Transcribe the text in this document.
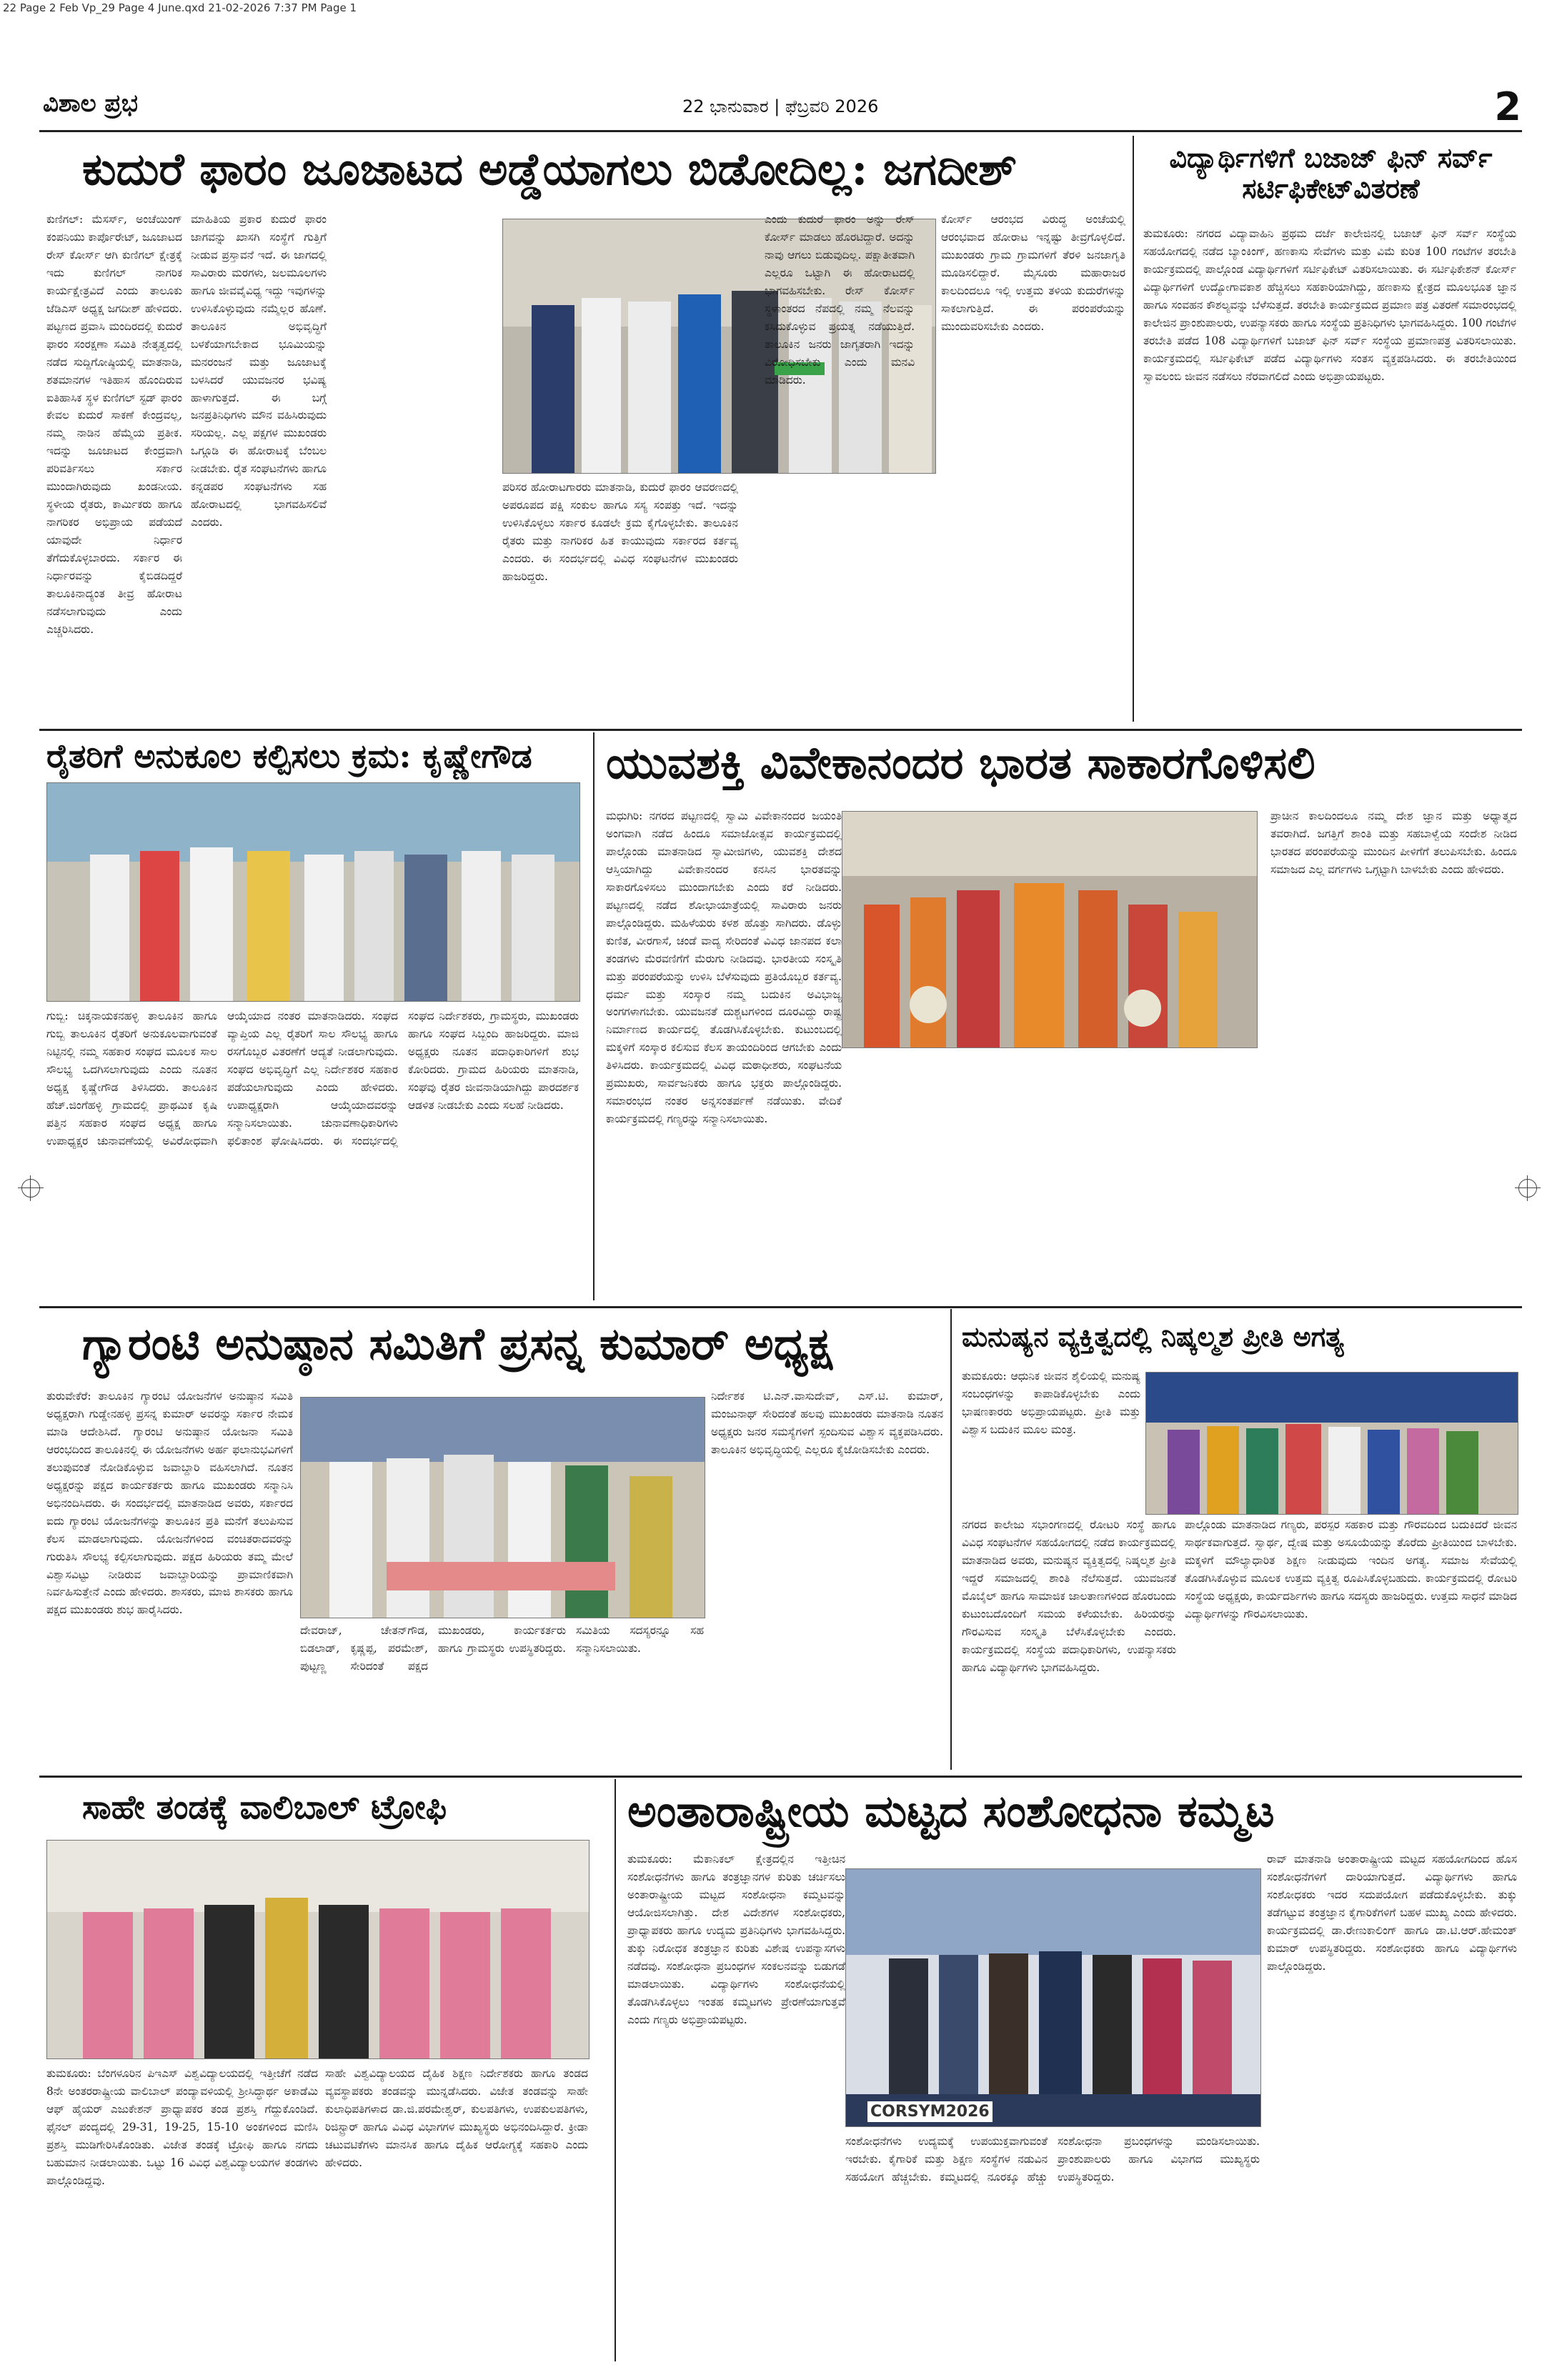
22 Page 2 Feb Vp_29 Page 4 June.qxd 21-02-2026 7:37 PM Page 1
ವಿಶಾಲ ಪ್ರಭ	22 ಭಾನುವಾರ | ಫೆಬ್ರವರಿ 2026	2
ಕುದುರೆ ಫಾರಂ ಜೂಜಾಟದ ಅಡ್ಡೆಯಾಗಲು ಬಿಡೋದಿಲ್ಲ: ಜಗದೀಶ್
ಕುಣಿಗಲ್: ಮೆಸರ್ಸ್, ಅಂಚೆಯಿಂಗ್ ಕಂಪನಿಯು ಕಾರ್ಪೊರೇಟ್‌, ಜೂಜಾಟದ ರೇಸ್ ಕೋರ್ಸ್ ಆಗಿ ಕುಣಿಗಲ್ ಕ್ಷೇತ್ರಕ್ಕೆ ಇದು ಕುಣಿಗಲ್ ನಾಗರಿಕ ಕಾರ್ಯಕ್ಷೇತ್ರವಿದೆ ಎಂದು ತಾಲೂಕು ಜೆಡಿಎಸ್ ಅಧ್ಯಕ್ಷ ಜಗದೀಶ್ ಹೇಳಿದರು. ಪಟ್ಟಣದ ಪ್ರವಾಸಿ ಮಂದಿರದಲ್ಲಿ ಕುದುರೆ ಫಾರಂ ಸಂರಕ್ಷಣಾ ಸಮಿತಿ ನೇತೃತ್ವದಲ್ಲಿ ನಡೆದ ಸುದ್ದಿಗೋಷ್ಠಿಯಲ್ಲಿ ಮಾತನಾಡಿ, ಶತಮಾನಗಳ ಇತಿಹಾಸ ಹೊಂದಿರುವ ಐತಿಹಾಸಿಕ ಸ್ಥಳ ಕುಣಿಗಲ್ ಸ್ಟಡ್ ಫಾರಂ ಕೇವಲ ಕುದುರೆ ಸಾಕಣೆ ಕೇಂದ್ರವಲ್ಲ, ನಮ್ಮ ನಾಡಿನ ಹೆಮ್ಮೆಯ ಪ್ರತೀಕ. ಇದನ್ನು ಜೂಜಾಟದ ಕೇಂದ್ರವಾಗಿ ಪರಿವರ್ತಿಸಲು ಸರ್ಕಾರ ಮುಂದಾಗಿರುವುದು ಖಂಡನೀಯ. ಸ್ಥಳೀಯ ರೈತರು, ಕಾರ್ಮಿಕರು ಹಾಗೂ ನಾಗರಿಕರ ಅಭಿಪ್ರಾಯ ಪಡೆಯದೆ ಯಾವುದೇ ನಿರ್ಧಾರ ತೆಗೆದುಕೊಳ್ಳಬಾರದು. ಸರ್ಕಾರ ಈ ನಿರ್ಧಾರವನ್ನು ಕೈಬಿಡದಿದ್ದರೆ ತಾಲೂಕಿನಾದ್ಯಂತ ತೀವ್ರ ಹೋರಾಟ ನಡೆಸಲಾಗುವುದು ಎಂದು ಎಚ್ಚರಿಸಿದರು.
ಮಾಹಿತಿಯ ಪ್ರಕಾರ ಕುದುರೆ ಫಾರಂ ಜಾಗವನ್ನು ಖಾಸಗಿ ಸಂಸ್ಥೆಗೆ ಗುತ್ತಿಗೆ ನೀಡುವ ಪ್ರಸ್ತಾವನೆ ಇದೆ. ಈ ಜಾಗದಲ್ಲಿ ಸಾವಿರಾರು ಮರಗಳು, ಜಲಮೂಲಗಳು ಹಾಗೂ ಜೀವವೈವಿಧ್ಯ ಇದ್ದು ಇವುಗಳನ್ನು ಉಳಿಸಿಕೊಳ್ಳುವುದು ನಮ್ಮೆಲ್ಲರ ಹೊಣೆ. ತಾಲೂಕಿನ ಅಭಿವೃದ್ಧಿಗೆ ಬಳಕೆಯಾಗಬೇಕಾದ ಭೂಮಿಯನ್ನು ಮನರಂಜನೆ ಮತ್ತು ಜೂಜಾಟಕ್ಕೆ ಬಳಸಿದರೆ ಯುವಜನರ ಭವಿಷ್ಯ ಹಾಳಾಗುತ್ತದೆ. ಈ ಬಗ್ಗೆ ಜನಪ್ರತಿನಿಧಿಗಳು ಮೌನ ವಹಿಸಿರುವುದು ಸರಿಯಲ್ಲ. ಎಲ್ಲ ಪಕ್ಷಗಳ ಮುಖಂಡರು ಒಗ್ಗೂಡಿ ಈ ಹೋರಾಟಕ್ಕೆ ಬೆಂಬಲ ನೀಡಬೇಕು. ರೈತ ಸಂಘಟನೆಗಳು ಹಾಗೂ ಕನ್ನಡಪರ ಸಂಘಟನೆಗಳು ಸಹ ಹೋರಾಟದಲ್ಲಿ ಭಾಗವಹಿಸಲಿವೆ ಎಂದರು.
ಎಂದು ಕುದುರೆ ಫಾರಂ ಅನ್ನು ರೇಸ್ ಕೋರ್ಸ್ ಮಾಡಲು ಹೊರಟಿದ್ದಾರೆ. ಅದನ್ನು ನಾವು ಆಗಲು ಬಿಡುವುದಿಲ್ಲ. ಪಕ್ಷಾತೀತವಾಗಿ ಎಲ್ಲರೂ ಒಟ್ಟಾಗಿ ಈ ಹೋರಾಟದಲ್ಲಿ ಭಾಗವಹಿಸಬೇಕು. ರೇಸ್ ಕೋರ್ಸ್ ಸ್ಥಳಾಂತರದ ನೆಪದಲ್ಲಿ ನಮ್ಮ ನೆಲವನ್ನು ಕಸಿದುಕೊಳ್ಳುವ ಪ್ರಯತ್ನ ನಡೆಯುತ್ತಿದೆ. ತಾಲೂಕಿನ ಜನರು ಜಾಗೃತರಾಗಿ ಇದನ್ನು ವಿರೋಧಿಸಬೇಕು ಎಂದು ಮನವಿ ಮಾಡಿದರು.
ಪರಿಸರ ಹೋರಾಟಗಾರರು ಮಾತನಾಡಿ, ಕುದುರೆ ಫಾರಂ ಆವರಣದಲ್ಲಿ ಅಪರೂಪದ ಪಕ್ಷಿ ಸಂಕುಲ ಹಾಗೂ ಸಸ್ಯ ಸಂಪತ್ತು ಇದೆ. ಇದನ್ನು ಉಳಿಸಿಕೊಳ್ಳಲು ಸರ್ಕಾರ ಕೂಡಲೇ ಕ್ರಮ ಕೈಗೊಳ್ಳಬೇಕು. ತಾಲೂಕಿನ ರೈತರು ಮತ್ತು ನಾಗರಿಕರ ಹಿತ ಕಾಯುವುದು ಸರ್ಕಾರದ ಕರ್ತವ್ಯ ಎಂದರು. ಈ ಸಂದರ್ಭದಲ್ಲಿ ವಿವಿಧ ಸಂಘಟನೆಗಳ ಮುಖಂಡರು ಹಾಜರಿದ್ದರು.
ಕೋರ್ಸ್ ಆರಂಭದ ವಿರುದ್ಧ ಅಂಚೆಯಲ್ಲಿ ಆರಂಭವಾದ ಹೋರಾಟ ಇನ್ನಷ್ಟು ತೀವ್ರಗೊಳ್ಳಲಿದೆ. ಮುಖಂಡರು ಗ್ರಾಮ ಗ್ರಾಮಗಳಿಗೆ ತೆರಳಿ ಜನಜಾಗೃತಿ ಮೂಡಿಸಲಿದ್ದಾರೆ. ಮೈಸೂರು ಮಹಾರಾಜರ ಕಾಲದಿಂದಲೂ ಇಲ್ಲಿ ಉತ್ತಮ ತಳಿಯ ಕುದುರೆಗಳನ್ನು ಸಾಕಲಾಗುತ್ತಿದೆ. ಈ ಪರಂಪರೆಯನ್ನು ಮುಂದುವರಿಸಬೇಕು ಎಂದರು.
ವಿದ್ಯಾರ್ಥಿಗಳಿಗೆ ಬಜಾಜ್ ಫಿನ್ ಸರ್ವ್ ಸರ್ಟಿಫಿಕೇಟ್‌ವಿತರಣೆ
ತುಮಕೂರು: ನಗರದ ವಿದ್ಯಾವಾಹಿನಿ ಪ್ರಥಮ ದರ್ಜೆ ಕಾಲೇಜಿನಲ್ಲಿ ಬಜಾಜ್ ಫಿನ್ ಸರ್ವ್ ಸಂಸ್ಥೆಯ ಸಹಯೋಗದಲ್ಲಿ ನಡೆದ ಬ್ಯಾಂಕಿಂಗ್, ಹಣಕಾಸು ಸೇವೆಗಳು ಮತ್ತು ವಿಮೆ ಕುರಿತ 100 ಗಂಟೆಗಳ ತರಬೇತಿ ಕಾರ್ಯಕ್ರಮದಲ್ಲಿ ಪಾಲ್ಗೊಂಡ ವಿದ್ಯಾರ್ಥಿಗಳಿಗೆ ಸರ್ಟಿಫಿಕೇಟ್ ವಿತರಿಸಲಾಯಿತು. ಈ ಸರ್ಟಿಫಿಕೇಶನ್ ಕೋರ್ಸ್ ವಿದ್ಯಾರ್ಥಿಗಳಿಗೆ ಉದ್ಯೋಗಾವಕಾಶ ಹೆಚ್ಚಿಸಲು ಸಹಕಾರಿಯಾಗಿದ್ದು, ಹಣಕಾಸು ಕ್ಷೇತ್ರದ ಮೂಲಭೂತ ಜ್ಞಾನ ಹಾಗೂ ಸಂವಹನ ಕೌಶಲ್ಯವನ್ನು ಬೆಳೆಸುತ್ತದೆ. ತರಬೇತಿ ಕಾರ್ಯಕ್ರಮದ ಪ್ರಮಾಣ ಪತ್ರ ವಿತರಣೆ ಸಮಾರಂಭದಲ್ಲಿ ಕಾಲೇಜಿನ ಪ್ರಾಂಶುಪಾಲರು, ಉಪನ್ಯಾಸಕರು ಹಾಗೂ ಸಂಸ್ಥೆಯ ಪ್ರತಿನಿಧಿಗಳು ಭಾಗವಹಿಸಿದ್ದರು. 100 ಗಂಟೆಗಳ ತರಬೇತಿ ಪಡೆದ 108 ವಿದ್ಯಾರ್ಥಿಗಳಿಗೆ ಬಜಾಜ್ ಫಿನ್ ಸರ್ವ್ ಸಂಸ್ಥೆಯ ಪ್ರಮಾಣಪತ್ರ ವಿತರಿಸಲಾಯಿತು. ಕಾರ್ಯಕ್ರಮದಲ್ಲಿ ಸರ್ಟಿಫಿಕೇಟ್ ಪಡೆದ ವಿದ್ಯಾರ್ಥಿಗಳು ಸಂತಸ ವ್ಯಕ್ತಪಡಿಸಿದರು. ಈ ತರಬೇತಿಯಿಂದ ಸ್ವಾವಲಂಬಿ ಜೀವನ ನಡೆಸಲು ನೆರವಾಗಲಿದೆ ಎಂದು ಅಭಿಪ್ರಾಯಪಟ್ಟರು.
ರೈತರಿಗೆ ಅನುಕೂಲ ಕಲ್ಪಿಸಲು ಕ್ರಮ: ಕೃಷ್ಣೇಗೌಡ
ಗುಬ್ಬಿ: ಚಿಕ್ಕನಾಯಕನಹಳ್ಳಿ ತಾಲೂಕಿನ ಹಾಗೂ ಗುಬ್ಬಿ ತಾಲೂಕಿನ ರೈತರಿಗೆ ಅನುಕೂಲವಾಗುವಂತೆ ನಿಟ್ಟಿನಲ್ಲಿ ನಮ್ಮ ಸಹಕಾರ ಸಂಘದ ಮೂಲಕ ಸಾಲ ಸೌಲಭ್ಯ ಒದಗಿಸಲಾಗುವುದು ಎಂದು ನೂತನ ಅಧ್ಯಕ್ಷ ಕೃಷ್ಣೇಗೌಡ ತಿಳಿಸಿದರು. ತಾಲೂಕಿನ ಹೆಚ್.ಜಿಂಗೆಹಳ್ಳಿ ಗ್ರಾಮದಲ್ಲಿ ಪ್ರಾಥಮಿಕ ಕೃಷಿ ಪತ್ತಿನ ಸಹಕಾರ ಸಂಘದ ಅಧ್ಯಕ್ಷ ಹಾಗೂ ಉಪಾಧ್ಯಕ್ಷರ ಚುನಾವಣೆಯಲ್ಲಿ ಅವಿರೋಧವಾಗಿ ಆಯ್ಕೆಯಾದ ನಂತರ ಮಾತನಾಡಿದರು. ಸಂಘದ ವ್ಯಾಪ್ತಿಯ ಎಲ್ಲ ರೈತರಿಗೆ ಸಾಲ ಸೌಲಭ್ಯ ಹಾಗೂ ರಸಗೊಬ್ಬರ ವಿತರಣೆಗೆ ಆದ್ಯತೆ ನೀಡಲಾಗುವುದು. ಸಂಘದ ಅಭಿವೃದ್ಧಿಗೆ ಎಲ್ಲ ನಿರ್ದೇಶಕರ ಸಹಕಾರ ಪಡೆಯಲಾಗುವುದು ಎಂದು ಹೇಳಿದರು. ಉಪಾಧ್ಯಕ್ಷರಾಗಿ ಆಯ್ಕೆಯಾದವರನ್ನು ಸನ್ಮಾನಿಸಲಾಯಿತು. ಚುನಾವಣಾಧಿಕಾರಿಗಳು ಫಲಿತಾಂಶ ಘೋಷಿಸಿದರು. ಈ ಸಂದರ್ಭದಲ್ಲಿ ಸಂಘದ ನಿರ್ದೇಶಕರು, ಗ್ರಾಮಸ್ಥರು, ಮುಖಂಡರು ಹಾಗೂ ಸಂಘದ ಸಿಬ್ಬಂದಿ ಹಾಜರಿದ್ದರು. ಮಾಜಿ ಅಧ್ಯಕ್ಷರು ನೂತನ ಪದಾಧಿಕಾರಿಗಳಿಗೆ ಶುಭ ಕೋರಿದರು. ಗ್ರಾಮದ ಹಿರಿಯರು ಮಾತನಾಡಿ, ಸಂಘವು ರೈತರ ಜೀವನಾಡಿಯಾಗಿದ್ದು ಪಾರದರ್ಶಕ ಆಡಳಿತ ನೀಡಬೇಕು ಎಂದು ಸಲಹೆ ನೀಡಿದರು.
ಯುವಶಕ್ತಿ ವಿವೇಕಾನಂದರ ಭಾರತ ಸಾಕಾರಗೊಳಿಸಲಿ
ಮಧುಗಿರಿ: ನಗರದ ಪಟ್ಟಣದಲ್ಲಿ ಸ್ವಾಮಿ ವಿವೇಕಾನಂದರ ಜಯಂತಿ ಅಂಗವಾಗಿ ನಡೆದ ಹಿಂದೂ ಸಮಾಜೋತ್ಸವ ಕಾರ್ಯಕ್ರಮದಲ್ಲಿ ಪಾಲ್ಗೊಂಡು ಮಾತನಾಡಿದ ಸ್ವಾಮೀಜಿಗಳು, ಯುವಶಕ್ತಿ ದೇಶದ ಆಸ್ತಿಯಾಗಿದ್ದು ವಿವೇಕಾನಂದರ ಕನಸಿನ ಭಾರತವನ್ನು ಸಾಕಾರಗೊಳಿಸಲು ಮುಂದಾಗಬೇಕು ಎಂದು ಕರೆ ನೀಡಿದರು. ಪಟ್ಟಣದಲ್ಲಿ ನಡೆದ ಶೋಭಾಯಾತ್ರೆಯಲ್ಲಿ ಸಾವಿರಾರು ಜನರು ಪಾಲ್ಗೊಂಡಿದ್ದರು. ಮಹಿಳೆಯರು ಕಳಶ ಹೊತ್ತು ಸಾಗಿದರು. ಡೊಳ್ಳು ಕುಣಿತ, ವೀರಗಾಸೆ, ಚಂಡೆ ವಾದ್ಯ ಸೇರಿದಂತೆ ವಿವಿಧ ಜಾನಪದ ಕಲಾ ತಂಡಗಳು ಮೆರವಣಿಗೆಗೆ ಮೆರುಗು ನೀಡಿದವು. ಭಾರತೀಯ ಸಂಸ್ಕೃತಿ ಮತ್ತು ಪರಂಪರೆಯನ್ನು ಉಳಿಸಿ ಬೆಳೆಸುವುದು ಪ್ರತಿಯೊಬ್ಬರ ಕರ್ತವ್ಯ. ಧರ್ಮ ಮತ್ತು ಸಂಸ್ಕಾರ ನಮ್ಮ ಬದುಕಿನ ಅವಿಭಾಜ್ಯ ಅಂಗಗಳಾಗಬೇಕು. ಯುವಜನತೆ ದುಶ್ಚಟಗಳಿಂದ ದೂರವಿದ್ದು ರಾಷ್ಟ್ರ ನಿರ್ಮಾಣದ ಕಾರ್ಯದಲ್ಲಿ ತೊಡಗಿಸಿಕೊಳ್ಳಬೇಕು. ಕುಟುಂಬದಲ್ಲಿ ಮಕ್ಕಳಿಗೆ ಸಂಸ್ಕಾರ ಕಲಿಸುವ ಕೆಲಸ ತಾಯಂದಿರಿಂದ ಆಗಬೇಕು ಎಂದು ತಿಳಿಸಿದರು. ಕಾರ್ಯಕ್ರಮದಲ್ಲಿ ವಿವಿಧ ಮಠಾಧೀಶರು, ಸಂಘಟನೆಯ ಪ್ರಮುಖರು, ಸಾರ್ವಜನಿಕರು ಹಾಗೂ ಭಕ್ತರು ಪಾಲ್ಗೊಂಡಿದ್ದರು. ಸಮಾರಂಭದ ನಂತರ ಅನ್ನಸಂತರ್ಪಣೆ ನಡೆಯಿತು. ವೇದಿಕೆ ಕಾರ್ಯಕ್ರಮದಲ್ಲಿ ಗಣ್ಯರನ್ನು ಸನ್ಮಾನಿಸಲಾಯಿತು.
ಪ್ರಾಚೀನ ಕಾಲದಿಂದಲೂ ನಮ್ಮ ದೇಶ ಜ್ಞಾನ ಮತ್ತು ಅಧ್ಯಾತ್ಮದ ತವರಾಗಿದೆ. ಜಗತ್ತಿಗೆ ಶಾಂತಿ ಮತ್ತು ಸಹಬಾಳ್ವೆಯ ಸಂದೇಶ ನೀಡಿದ ಭಾರತದ ಪರಂಪರೆಯನ್ನು ಮುಂದಿನ ಪೀಳಿಗೆಗೆ ತಲುಪಿಸಬೇಕು. ಹಿಂದೂ ಸಮಾಜದ ಎಲ್ಲ ವರ್ಗಗಳು ಒಗ್ಗಟ್ಟಾಗಿ ಬಾಳಬೇಕು ಎಂದು ಹೇಳಿದರು.
ಗ್ಯಾರಂಟಿ ಅನುಷ್ಠಾನ ಸಮಿತಿಗೆ ಪ್ರಸನ್ನ ಕುಮಾರ್ ಅಧ್ಯಕ್ಷ
ತುರುವೇಕೆರೆ: ತಾಲೂಕಿನ ಗ್ಯಾರಂಟಿ ಯೋಜನೆಗಳ ಅನುಷ್ಠಾನ ಸಮಿತಿ ಅಧ್ಯಕ್ಷರಾಗಿ ಗುಡ್ಡೇನಹಳ್ಳಿ ಪ್ರಸನ್ನ ಕುಮಾರ್ ಅವರನ್ನು ಸರ್ಕಾರ ನೇಮಕ ಮಾಡಿ ಆದೇಶಿಸಿದೆ. ಗ್ಯಾರಂಟಿ ಅನುಷ್ಠಾನ ಯೋಜನಾ ಸಮಿತಿ ಆರಂಭದಿಂದ ತಾಲೂಕಿನಲ್ಲಿ ಈ ಯೋಜನೆಗಳು ಅರ್ಹ ಫಲಾನುಭವಿಗಳಿಗೆ ತಲುಪುವಂತೆ ನೋಡಿಕೊಳ್ಳುವ ಜವಾಬ್ದಾರಿ ವಹಿಸಲಾಗಿದೆ. ನೂತನ ಅಧ್ಯಕ್ಷರನ್ನು ಪಕ್ಷದ ಕಾರ್ಯಕರ್ತರು ಹಾಗೂ ಮುಖಂಡರು ಸನ್ಮಾನಿಸಿ ಅಭಿನಂದಿಸಿದರು. ಈ ಸಂದರ್ಭದಲ್ಲಿ ಮಾತನಾಡಿದ ಅವರು, ಸರ್ಕಾರದ ಐದು ಗ್ಯಾರಂಟಿ ಯೋಜನೆಗಳನ್ನು ತಾಲೂಕಿನ ಪ್ರತಿ ಮನೆಗೆ ತಲುಪಿಸುವ ಕೆಲಸ ಮಾಡಲಾಗುವುದು. ಯೋಜನೆಗಳಿಂದ ವಂಚಿತರಾದವರನ್ನು ಗುರುತಿಸಿ ಸೌಲಭ್ಯ ಕಲ್ಪಿಸಲಾಗುವುದು. ಪಕ್ಷದ ಹಿರಿಯರು ತಮ್ಮ ಮೇಲೆ ವಿಶ್ವಾಸವಿಟ್ಟು ನೀಡಿರುವ ಜವಾಬ್ದಾರಿಯನ್ನು ಪ್ರಾಮಾಣಿಕವಾಗಿ ನಿರ್ವಹಿಸುತ್ತೇನೆ ಎಂದು ಹೇಳಿದರು. ಶಾಸಕರು, ಮಾಜಿ ಶಾಸಕರು ಹಾಗೂ ಪಕ್ಷದ ಮುಖಂಡರು ಶುಭ ಹಾರೈಸಿದರು.
ದೇವರಾಜ್, ಚೇತನ್‌ಗೌಡ, ಬಿಡಲಾಡ್, ಕೃಷ್ಣಪ್ಪ, ಪರಮೇಶ್, ಪುಟ್ಟಣ್ಣ ಸೇರಿದಂತೆ ಪಕ್ಷದ ಮುಖಂಡರು, ಕಾರ್ಯಕರ್ತರು ಹಾಗೂ ಗ್ರಾಮಸ್ಥರು ಉಪಸ್ಥಿತರಿದ್ದರು. ಸಮಿತಿಯ ಸದಸ್ಯರನ್ನೂ ಸಹ ಸನ್ಮಾನಿಸಲಾಯಿತು.
ನಿರ್ದೇಶಕ ಟಿ.ಎನ್.ವಾಸುದೇವ್, ಎಸ್.ಟಿ. ಕುಮಾರ್, ಮಂಜುನಾಥ್ ಸೇರಿದಂತೆ ಹಲವು ಮುಖಂಡರು ಮಾತನಾಡಿ ನೂತನ ಅಧ್ಯಕ್ಷರು ಜನರ ಸಮಸ್ಯೆಗಳಿಗೆ ಸ್ಪಂದಿಸುವ ವಿಶ್ವಾಸ ವ್ಯಕ್ತಪಡಿಸಿದರು. ತಾಲೂಕಿನ ಅಭಿವೃದ್ಧಿಯಲ್ಲಿ ಎಲ್ಲರೂ ಕೈಜೋಡಿಸಬೇಕು ಎಂದರು.
ಮನುಷ್ಯನ ವ್ಯಕ್ತಿತ್ವದಲ್ಲಿ ನಿಷ್ಕಲ್ಮಶ ಪ್ರೀತಿ ಅಗತ್ಯ
ತುಮಕೂರು: ಆಧುನಿಕ ಜೀವನ ಶೈಲಿಯಲ್ಲಿ ಮನುಷ್ಯ ಸಂಬಂಧಗಳನ್ನು ಕಾಪಾಡಿಕೊಳ್ಳಬೇಕು ಎಂದು ಭಾಷಣಕಾರರು ಅಭಿಪ್ರಾಯಪಟ್ಟರು. ಪ್ರೀತಿ ಮತ್ತು ವಿಶ್ವಾಸ ಬದುಕಿನ ಮೂಲ ಮಂತ್ರ.
ನಗರದ ಕಾಲೇಜು ಸಭಾಂಗಣದಲ್ಲಿ ರೋಟರಿ ಸಂಸ್ಥೆ ಹಾಗೂ ವಿವಿಧ ಸಂಘಟನೆಗಳ ಸಹಯೋಗದಲ್ಲಿ ನಡೆದ ಕಾರ್ಯಕ್ರಮದಲ್ಲಿ ಮಾತನಾಡಿದ ಅವರು, ಮನುಷ್ಯನ ವ್ಯಕ್ತಿತ್ವದಲ್ಲಿ ನಿಷ್ಕಲ್ಮಶ ಪ್ರೀತಿ ಇದ್ದರೆ ಸಮಾಜದಲ್ಲಿ ಶಾಂತಿ ನೆಲೆಸುತ್ತದೆ. ಯುವಜನತೆ ಮೊಬೈಲ್ ಹಾಗೂ ಸಾಮಾಜಿಕ ಜಾಲತಾಣಗಳಿಂದ ಹೊರಬಂದು ಕುಟುಂಬದೊಂದಿಗೆ ಸಮಯ ಕಳೆಯಬೇಕು. ಹಿರಿಯರನ್ನು ಗೌರವಿಸುವ ಸಂಸ್ಕೃತಿ ಬೆಳೆಸಿಕೊಳ್ಳಬೇಕು ಎಂದರು. ಕಾರ್ಯಕ್ರಮದಲ್ಲಿ ಸಂಸ್ಥೆಯ ಪದಾಧಿಕಾರಿಗಳು, ಉಪನ್ಯಾಸಕರು ಹಾಗೂ ವಿದ್ಯಾರ್ಥಿಗಳು ಭಾಗವಹಿಸಿದ್ದರು.
ಪಾಲ್ಗೊಂಡು ಮಾತನಾಡಿದ ಗಣ್ಯರು, ಪರಸ್ಪರ ಸಹಕಾರ ಮತ್ತು ಗೌರವದಿಂದ ಬದುಕಿದರೆ ಜೀವನ ಸಾರ್ಥಕವಾಗುತ್ತದೆ. ಸ್ವಾರ್ಥ, ದ್ವೇಷ ಮತ್ತು ಅಸೂಯೆಯನ್ನು ತೊರೆದು ಪ್ರೀತಿಯಿಂದ ಬಾಳಬೇಕು. ಮಕ್ಕಳಿಗೆ ಮೌಲ್ಯಾಧಾರಿತ ಶಿಕ್ಷಣ ನೀಡುವುದು ಇಂದಿನ ಅಗತ್ಯ. ಸಮಾಜ ಸೇವೆಯಲ್ಲಿ ತೊಡಗಿಸಿಕೊಳ್ಳುವ ಮೂಲಕ ಉತ್ತಮ ವ್ಯಕ್ತಿತ್ವ ರೂಪಿಸಿಕೊಳ್ಳಬಹುದು. ಕಾರ್ಯಕ್ರಮದಲ್ಲಿ ರೋಟರಿ ಸಂಸ್ಥೆಯ ಅಧ್ಯಕ್ಷರು, ಕಾರ್ಯದರ್ಶಿಗಳು ಹಾಗೂ ಸದಸ್ಯರು ಹಾಜರಿದ್ದರು. ಉತ್ತಮ ಸಾಧನೆ ಮಾಡಿದ ವಿದ್ಯಾರ್ಥಿಗಳನ್ನು ಗೌರವಿಸಲಾಯಿತು.
ಸಾಹೇ ತಂಡಕ್ಕೆ ವಾಲಿಬಾಲ್ ಟ್ರೋಫಿ
ತುಮಕೂರು: ಬೆಂಗಳೂರಿನ ಪಿಇಎಸ್ ವಿಶ್ವವಿದ್ಯಾಲಯದಲ್ಲಿ ಇತ್ತೀಚೆಗೆ ನಡೆದ 8ನೇ ಅಂತರರಾಷ್ಟ್ರೀಯ ವಾಲಿಬಾಲ್ ಪಂದ್ಯಾವಳಿಯಲ್ಲಿ ಶ್ರೀಸಿದ್ಧಾರ್ಥ ಅಕಾಡೆಮಿ ಆಫ್ ಹೈಯರ್ ಎಜುಕೇಶನ್ ಪ್ರಾಧ್ಯಾಪಕರ ತಂಡ ಪ್ರಶಸ್ತಿ ಗೆದ್ದುಕೊಂಡಿದೆ. ಫೈನಲ್ ಪಂದ್ಯದಲ್ಲಿ 29-31, 19-25, 15-10 ಅಂಕಗಳಿಂದ ಮಣಿಸಿ ಪ್ರಶಸ್ತಿ ಮುಡಿಗೇರಿಸಿಕೊಂಡಿತು. ವಿಜೇತ ತಂಡಕ್ಕೆ ಟ್ರೋಫಿ ಹಾಗೂ ನಗದು ಬಹುಮಾನ ನೀಡಲಾಯಿತು. ಒಟ್ಟು 16 ವಿವಿಧ ವಿಶ್ವವಿದ್ಯಾಲಯಗಳ ತಂಡಗಳು ಪಾಲ್ಗೊಂಡಿದ್ದವು.
ಸಾಹೇ ವಿಶ್ವವಿದ್ಯಾಲಯದ ದೈಹಿಕ ಶಿಕ್ಷಣ ನಿರ್ದೇಶಕರು ಹಾಗೂ ತಂಡದ ವ್ಯವಸ್ಥಾಪಕರು ತಂಡವನ್ನು ಮುನ್ನಡೆಸಿದರು. ವಿಜೇತ ತಂಡವನ್ನು ಸಾಹೇ ಕುಲಾಧಿಪತಿಗಳಾದ ಡಾ.ಜಿ.ಪರಮೇಶ್ವರ್, ಕುಲಪತಿಗಳು, ಉಪಕುಲಪತಿಗಳು, ರಿಜಿಸ್ಟ್ರಾರ್ ಹಾಗೂ ವಿವಿಧ ವಿಭಾಗಗಳ ಮುಖ್ಯಸ್ಥರು ಅಭಿನಂದಿಸಿದ್ದಾರೆ. ಕ್ರೀಡಾ ಚಟುವಟಿಕೆಗಳು ಮಾನಸಿಕ ಹಾಗೂ ದೈಹಿಕ ಆರೋಗ್ಯಕ್ಕೆ ಸಹಕಾರಿ ಎಂದು ಹೇಳಿದರು.
ಅಂತಾರಾಷ್ಟ್ರೀಯ ಮಟ್ಟದ ಸಂಶೋಧನಾ ಕಮ್ಮಟ
ತುಮಕೂರು: ಮೆಕಾನಿಕಲ್ ಕ್ಷೇತ್ರದಲ್ಲಿನ ಇತ್ತೀಚಿನ ಸಂಶೋಧನೆಗಳು ಹಾಗೂ ತಂತ್ರಜ್ಞಾನಗಳ ಕುರಿತು ಚರ್ಚಿಸಲು ಅಂತಾರಾಷ್ಟ್ರೀಯ ಮಟ್ಟದ ಸಂಶೋಧನಾ ಕಮ್ಮಟವನ್ನು ಆಯೋಜಿಸಲಾಗಿತ್ತು. ದೇಶ ವಿದೇಶಗಳ ಸಂಶೋಧಕರು, ಪ್ರಾಧ್ಯಾಪಕರು ಹಾಗೂ ಉದ್ಯಮ ಪ್ರತಿನಿಧಿಗಳು ಭಾಗವಹಿಸಿದ್ದರು. ತುಕ್ಕು ನಿರೋಧಕ ತಂತ್ರಜ್ಞಾನ ಕುರಿತು ವಿಶೇಷ ಉಪನ್ಯಾಸಗಳು ನಡೆದವು. ಸಂಶೋಧನಾ ಪ್ರಬಂಧಗಳ ಸಂಕಲನವನ್ನು ಬಿಡುಗಡೆ ಮಾಡಲಾಯಿತು. ವಿದ್ಯಾರ್ಥಿಗಳು ಸಂಶೋಧನೆಯಲ್ಲಿ ತೊಡಗಿಸಿಕೊಳ್ಳಲು ಇಂತಹ ಕಮ್ಮಟಗಳು ಪ್ರೇರಣೆಯಾಗುತ್ತವೆ ಎಂದು ಗಣ್ಯರು ಅಭಿಪ್ರಾಯಪಟ್ಟರು.
CORSYM2026
ಸಂಶೋಧನೆಗಳು ಉದ್ಯಮಕ್ಕೆ ಉಪಯುಕ್ತವಾಗುವಂತೆ ಇರಬೇಕು. ಕೈಗಾರಿಕೆ ಮತ್ತು ಶಿಕ್ಷಣ ಸಂಸ್ಥೆಗಳ ನಡುವಿನ ಸಹಯೋಗ ಹೆಚ್ಚಬೇಕು. ಕಮ್ಮಟದಲ್ಲಿ ನೂರಕ್ಕೂ ಹೆಚ್ಚು ಸಂಶೋಧನಾ ಪ್ರಬಂಧಗಳನ್ನು ಮಂಡಿಸಲಾಯಿತು. ಪ್ರಾಂಶುಪಾಲರು ಹಾಗೂ ವಿಭಾಗದ ಮುಖ್ಯಸ್ಥರು ಉಪಸ್ಥಿತರಿದ್ದರು.
ರಾವ್ ಮಾತನಾಡಿ ಅಂತಾರಾಷ್ಟ್ರೀಯ ಮಟ್ಟದ ಸಹಯೋಗದಿಂದ ಹೊಸ ಸಂಶೋಧನೆಗಳಿಗೆ ದಾರಿಯಾಗುತ್ತದೆ. ವಿದ್ಯಾರ್ಥಿಗಳು ಹಾಗೂ ಸಂಶೋಧಕರು ಇದರ ಸದುಪಯೋಗ ಪಡೆದುಕೊಳ್ಳಬೇಕು. ತುಕ್ಕು ತಡೆಗಟ್ಟುವ ತಂತ್ರಜ್ಞಾನ ಕೈಗಾರಿಕೆಗಳಿಗೆ ಬಹಳ ಮುಖ್ಯ ಎಂದು ಹೇಳಿದರು. ಕಾರ್ಯಕ್ರಮದಲ್ಲಿ ಡಾ.ರೇಣುಕಾಲಿಂಗ್ ಹಾಗೂ ಡಾ.ಟಿ.ಆರ್.ಹೇಮಂತ್ ಕುಮಾರ್ ಉಪಸ್ಥಿತರಿದ್ದರು. ಸಂಶೋಧಕರು ಹಾಗೂ ವಿದ್ಯಾರ್ಥಿಗಳು ಪಾಲ್ಗೊಂಡಿದ್ದರು.
